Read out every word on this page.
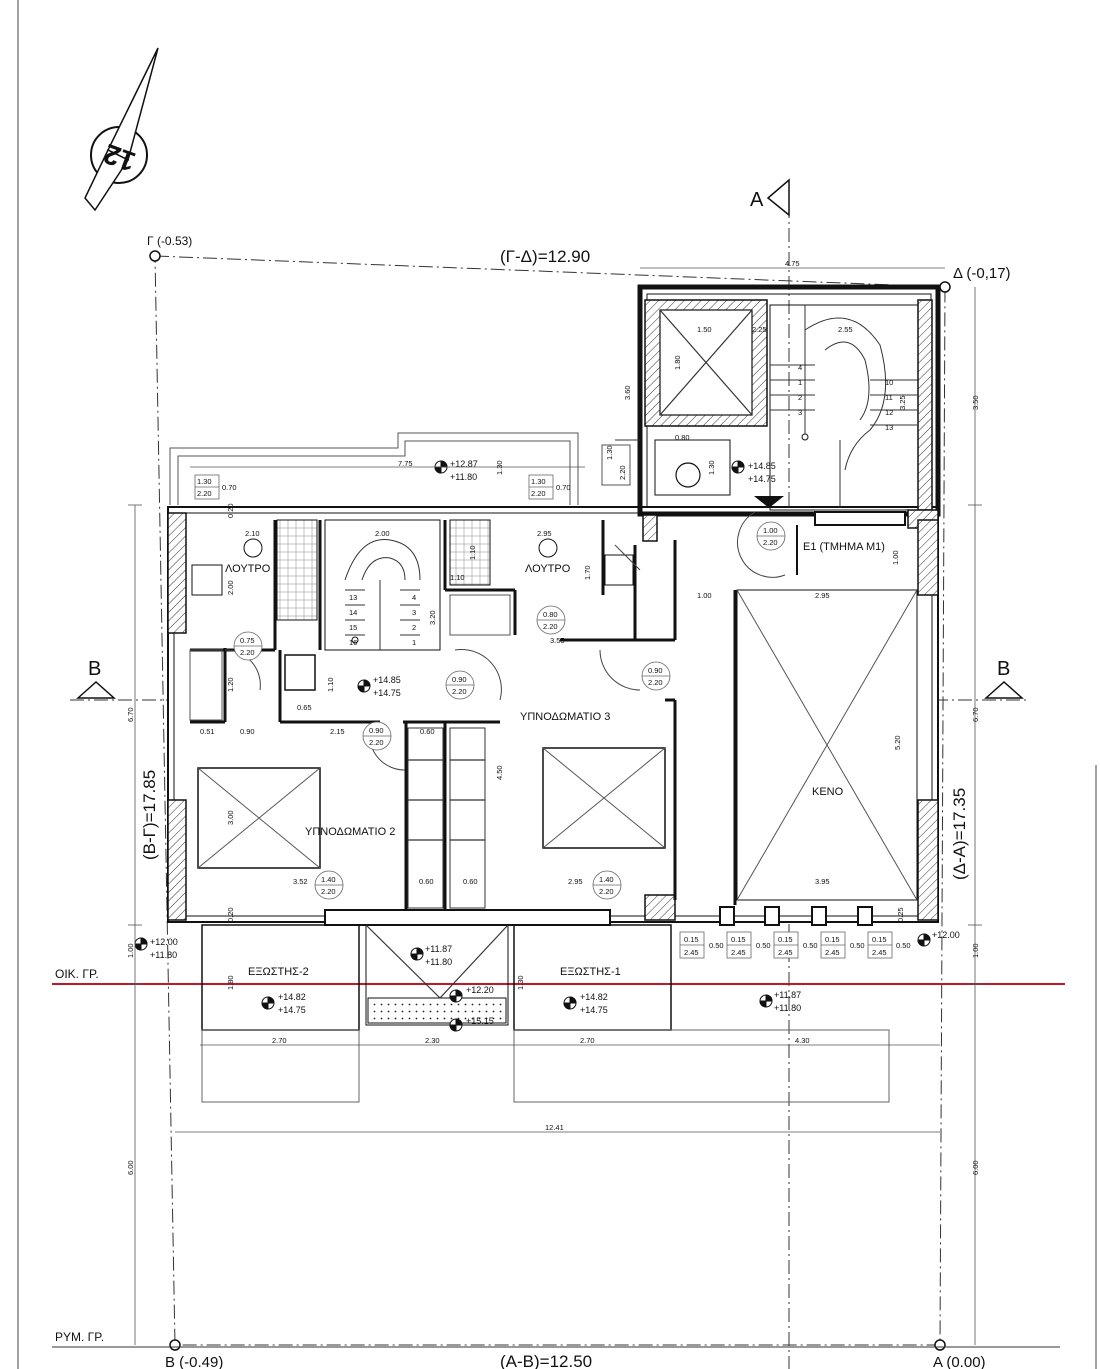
12
Γ (-0.53)
Δ (-0,17)
Β (-0.49)	Α (0.00)
(Γ-Δ)=12.90
(Β-Γ)=17.85	(Δ-Α)=17.35
(Α-Β)=12.50
Α
Β	Β
ΟΙΚ. ΓΡ.
ΡΥΜ. ΓΡ.
1
2
3
4
10
11
12
13
13
14
15
16
4
3
2
1
ΛΟΥΤΡΟ	ΛΟΥΤΡΟ
ΥΠΝΟΔΩΜΑΤΙΟ 2
ΥΠΝΟΔΩΜΑΤΙΟ 3
ΚΕΝΟ
Ε1 (ΤΜΗΜΑ Μ1)
ΕΞΩΣΤΗΣ-2	ΕΞΩΣΤΗΣ-1
+12.87
+11.80
+14.85
+14.75
+14.85
+14.75
+12.00
+11.80
+11.87
+11.80
+14.82
+14.75
+14.82
+14.75
+12.20
+15.15
+11.87
+11.80
+12.00
1.30
2.20
0.70
1.30
2.20
0.70
1.30
2.20
1.00
2.20
0.75
2.20
0.80
2.20
0.90
2.20
0.90
2.20
0.90
2.20
1.40
2.20
1.40
2.20
0.15
2.45
0.15
2.45
0.15
2.45
0.15
2.45
0.15
2.45
0.50	0.50	0.50	0.50	0.50
4.75
1.50	2.25	2.55
1.80
3.60
3.50
3.25
7.75	1.30
0.80
1.30
2.10	2.00
2.00
2.95
1.10
1.10	1.70
1.20
3.55
3.20
1.00	2.95
1.00
1.10
0.65
0.51	0.90	2.15	0.60
4.50
3.00
5.20
3.52	0.60	0.60	2.95	3.95
6.70	6.70
1.00	1.00
1.80	1.30
2.70	2.30	2.70	4.30
12.41
6.00	6.00
0.20	0.25
0.20
